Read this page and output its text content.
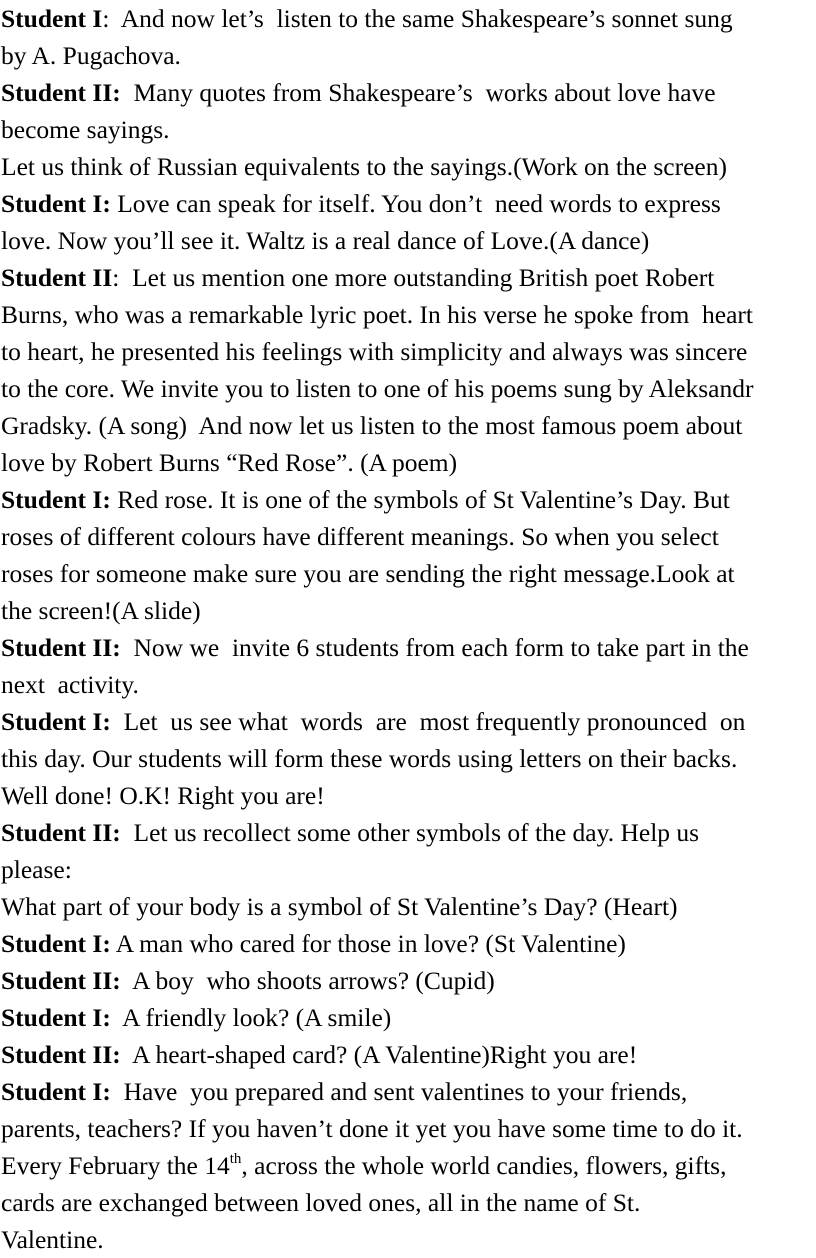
Student I:  And now let’s  listen to the same Shakespeare’s sonnet sung
by A. Pugachova.
Student II:  Many quotes from Shakespeare’s  works about love have
become sayings.
Let us think of Russian equivalents to the sayings.(Work on the screen)
Student I: Love can speak for itself. You don’t  need words to express
love. Now you’ll see it. Waltz is a real dance of Love.(A dance)
Student II:  Let us mention one more outstanding British poet Robert
Burns, who was a remarkable lyric poet. In his verse he spoke from  heart
to heart, he presented his feelings with simplicity and always was sincere
to the core. We invite you to listen to one of his poems sung by Aleksandr
Gradsky. (A song)  And now let us listen to the most famous poem about
love by Robert Burns “Red Rose”. (A poem)
Student I: Red rose. It is one of the symbols of St Valentine’s Day. But
roses of different colours have different meanings. So when you select
roses for someone make sure you are sending the right message.Look at
the screen!(A slide)
Student II:  Now we  invite 6 students from each form to take part in the
next  activity.
Student I:  Let  us see what  words  are  most frequently pronounced  on
this day. Our students will form these words using letters on their backs.
Well done! O.K! Right you are!
Student II:  Let us recollect some other symbols of the day. Help us
please:
What part of your body is a symbol of St Valentine’s Day? (Heart)
Student I: A man who cared for those in love? (St Valentine)
Student II:  A boy  who shoots arrows? (Cupid)
Student I:  A friendly look? (A smile)
Student II:  A heart-shaped card? (A Valentine)Right you are!
Student I:  Have  you prepared and sent valentines to your friends,
parents, teachers? If you haven’t done it yet you have some time to do it.
Every February the 14th, across the whole world candies, flowers, gifts,
cards are exchanged between loved ones, all in the name of St.
Valentine.
